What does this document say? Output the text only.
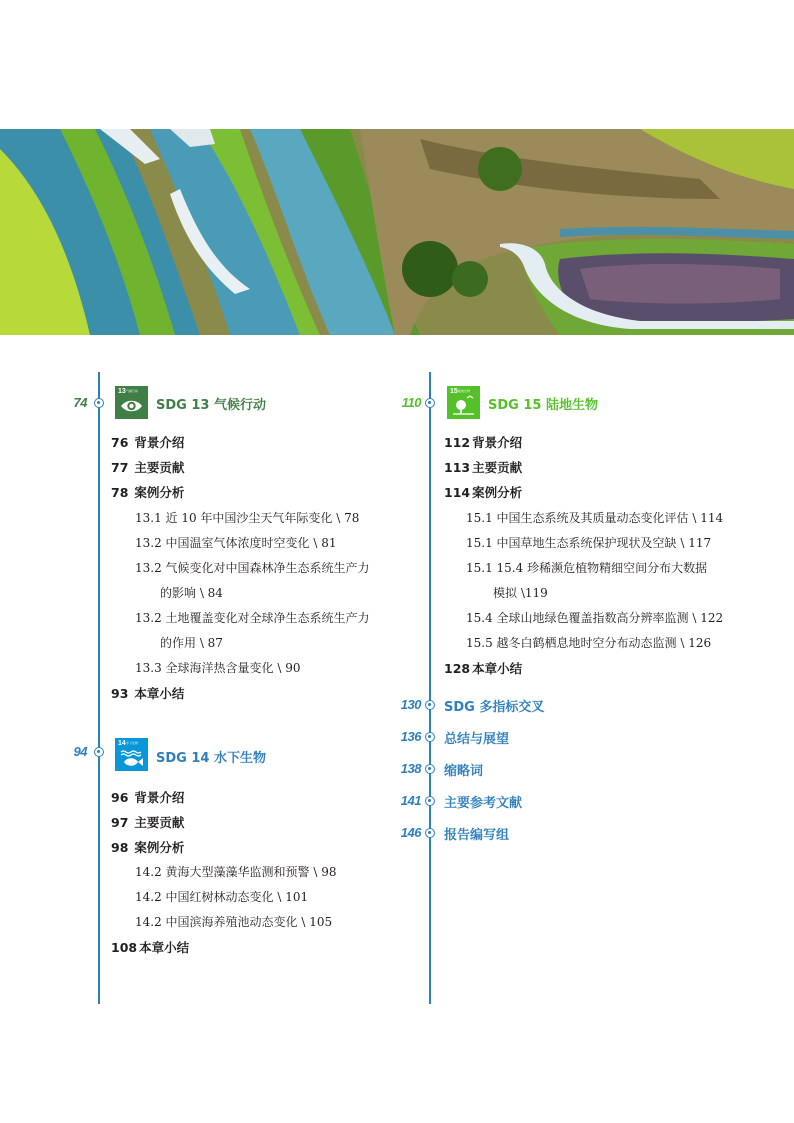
74
13 气候行动
SDG 13 气候行动
76 背景介绍
77 主要贡献
78 案例分析
13.1 近 10 年中国沙尘天气年际变化 \ 78
13.2 中国温室气体浓度时空变化 \ 81
13.2 气候变化对中国森林净生态系统生产力
的影响 \ 84
13.2 土地覆盖变化对全球净生态系统生产力
的作用 \ 87
13.3 全球海洋热含量变化 \ 90
93 本章小结
94
14 水下生物
SDG 14 水下生物
96 背景介绍
97 主要贡献
98 案例分析
14.2 黄海大型藻藻华监测和预警 \ 98
14.2 中国红树林动态变化 \ 101
14.2 中国滨海养殖池动态变化 \ 105
108 本章小结
110
15 陆地生物
SDG 15 陆地生物
112 背景介绍
113 主要贡献
114 案例分析
15.1 中国生态系统及其质量动态变化评估 \ 114
15.1 中国草地生态系统保护现状及空缺 \ 117
15.1 15.4 珍稀濒危植物精细空间分布大数据
模拟 \119
15.4 全球山地绿色覆盖指数高分辨率监测 \ 122
15.5 越冬白鹤栖息地时空分布动态监测 \ 126
128 本章小结
130 SDG 多指标交叉
136 总结与展望
138 缩略词
141 主要参考文献
146 报告编写组
